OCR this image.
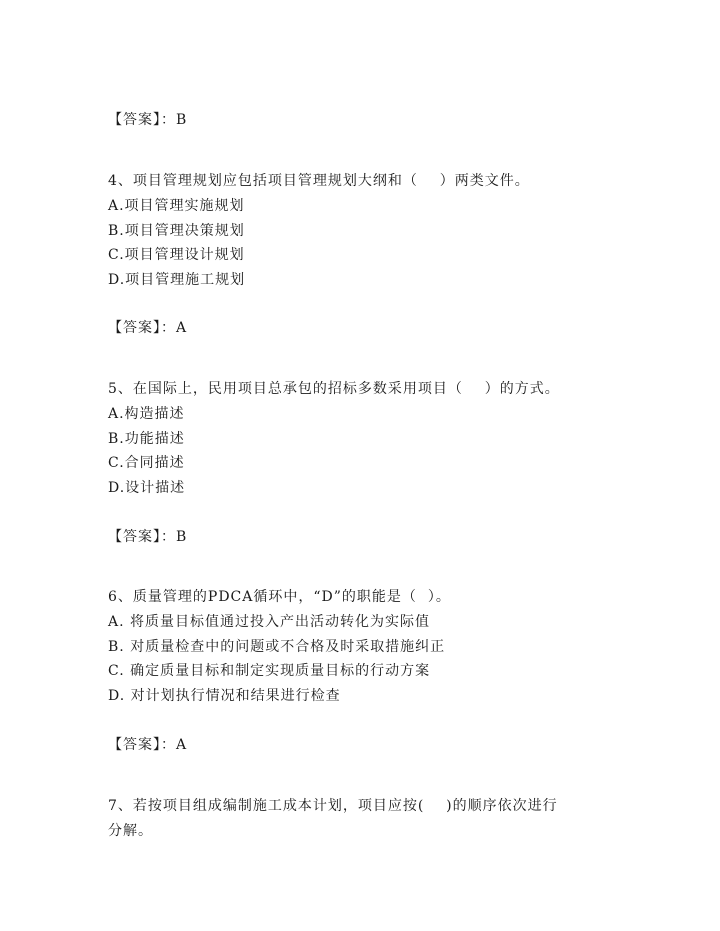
【答案】：B
4、项目管理规划应包括项目管理规划大纲和（    ）两类文件。
A.项目管理实施规划
B.项目管理决策规划
C.项目管理设计规划
D.项目管理施工规划
【答案】：A
5、在国际上，民用项目总承包的招标多数采用项目（    ）的方式。
A.构造描述
B.功能描述
C.合同描述
D.设计描述
【答案】：B
6、质量管理的PDCA循环中，“D”的职能是（  ）。
A. 将质量目标值通过投入产出活动转化为实际值
B. 对质量检查中的问题或不合格及时采取措施纠正
C. 确定质量目标和制定实现质量目标的行动方案
D. 对计划执行情况和结果进行检查
【答案】：A
7、若按项目组成编制施工成本计划，项目应按(    )的顺序依次进行
分解。
